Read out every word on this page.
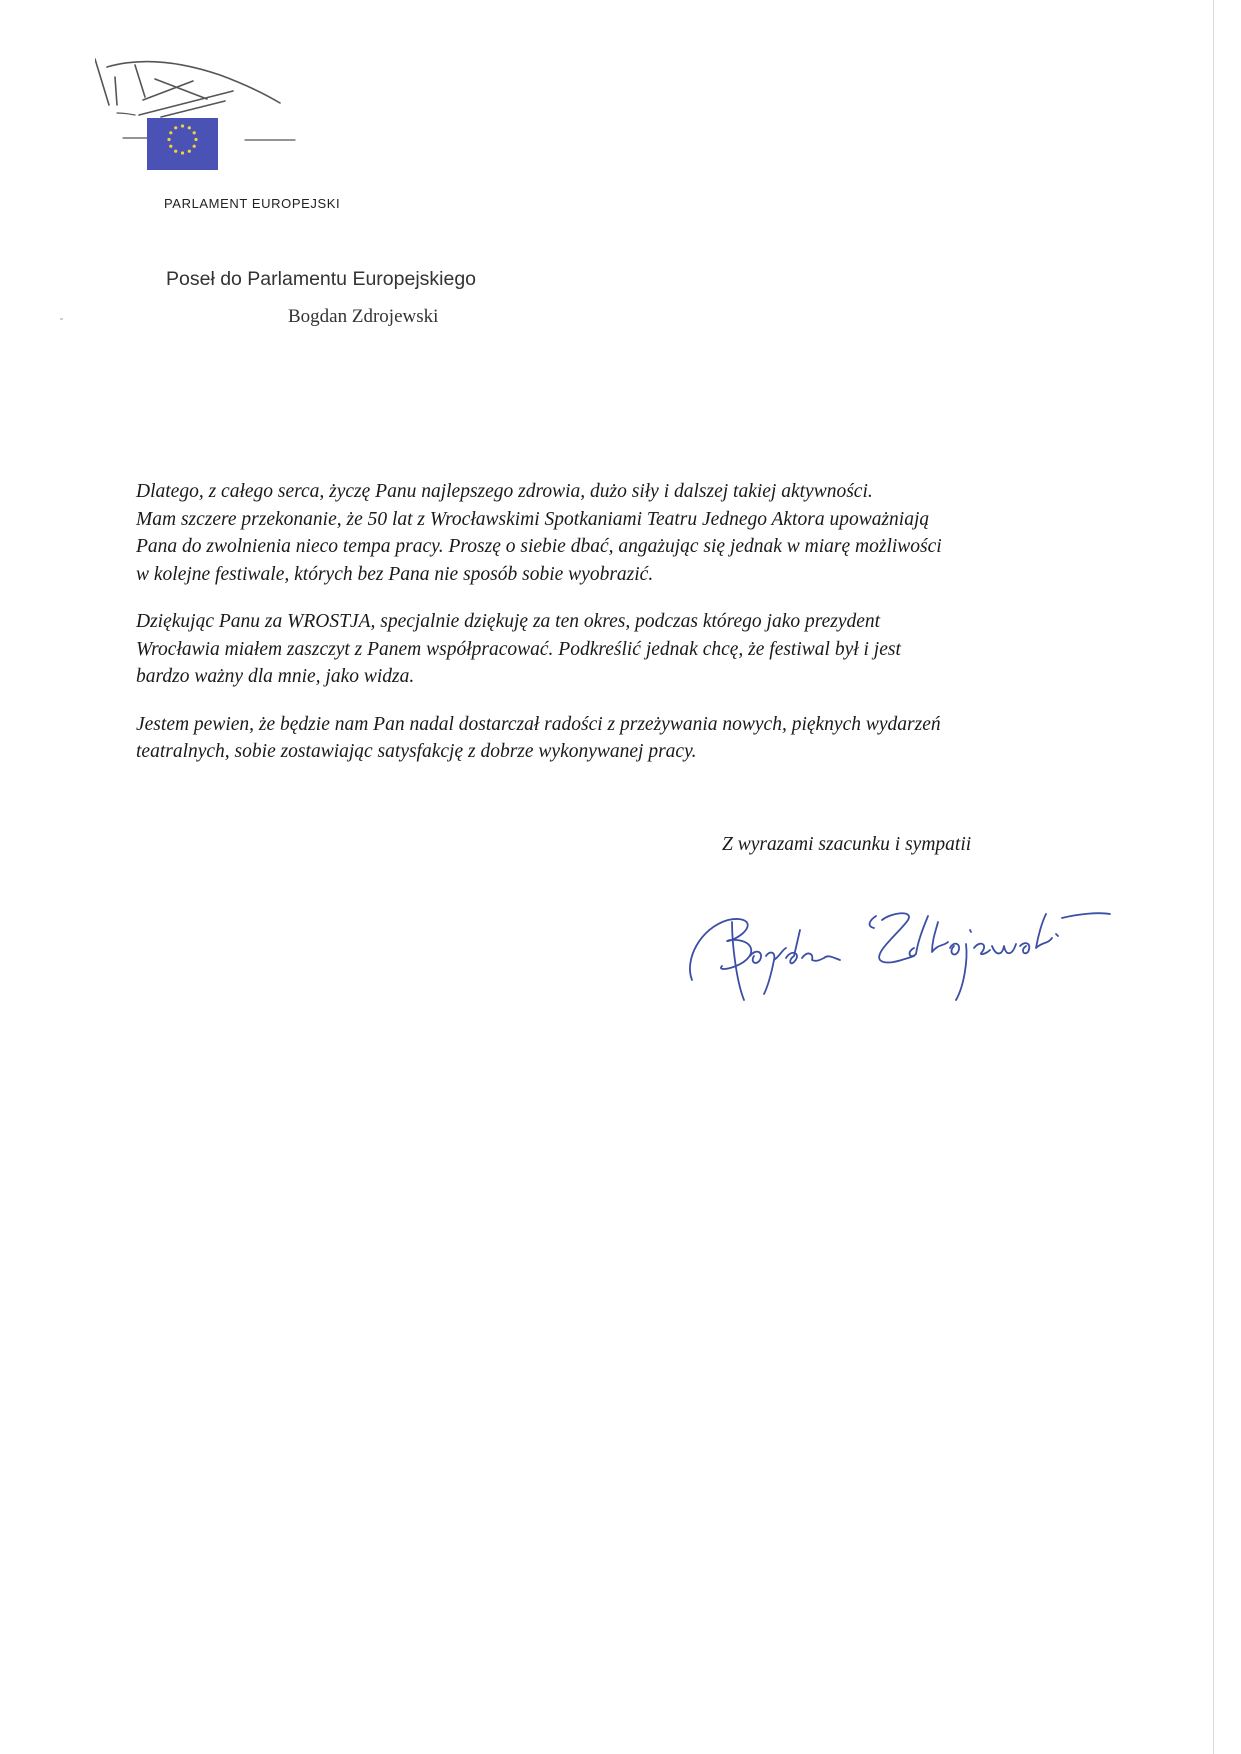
PARLAMENT EUROPEJSKI
Poseł do Parlamentu Europejskiego
Bogdan Zdrojewski

Dlatego, z całego serca, życzę Panu najlepszego zdrowia, dużo siły i dalszej takiej aktywności.
Mam szczere przekonanie, że 50 lat z Wrocławskimi Spotkaniami Teatru Jednego Aktora upoważniają
Pana do zwolnienia nieco tempa pracy. Proszę o siebie dbać, angażując się jednak w miarę możliwości
w kolejne festiwale, których bez Pana nie sposób sobie wyobrazić.

Dziękując Panu za WROSTJA, specjalnie dziękuję za ten okres, podczas którego jako prezydent
Wrocławia miałem zaszczyt z Panem współpracować. Podkreślić jednak chcę, że festiwal był i jest
bardzo ważny dla mnie, jako widza.

Jestem pewien, że będzie nam Pan nadal dostarczał radości z przeżywania nowych, pięknych wydarzeń
teatralnych, sobie zostawiając satysfakcję z dobrze wykonywanej pracy.

Z wyrazami szacunku i sympatii
